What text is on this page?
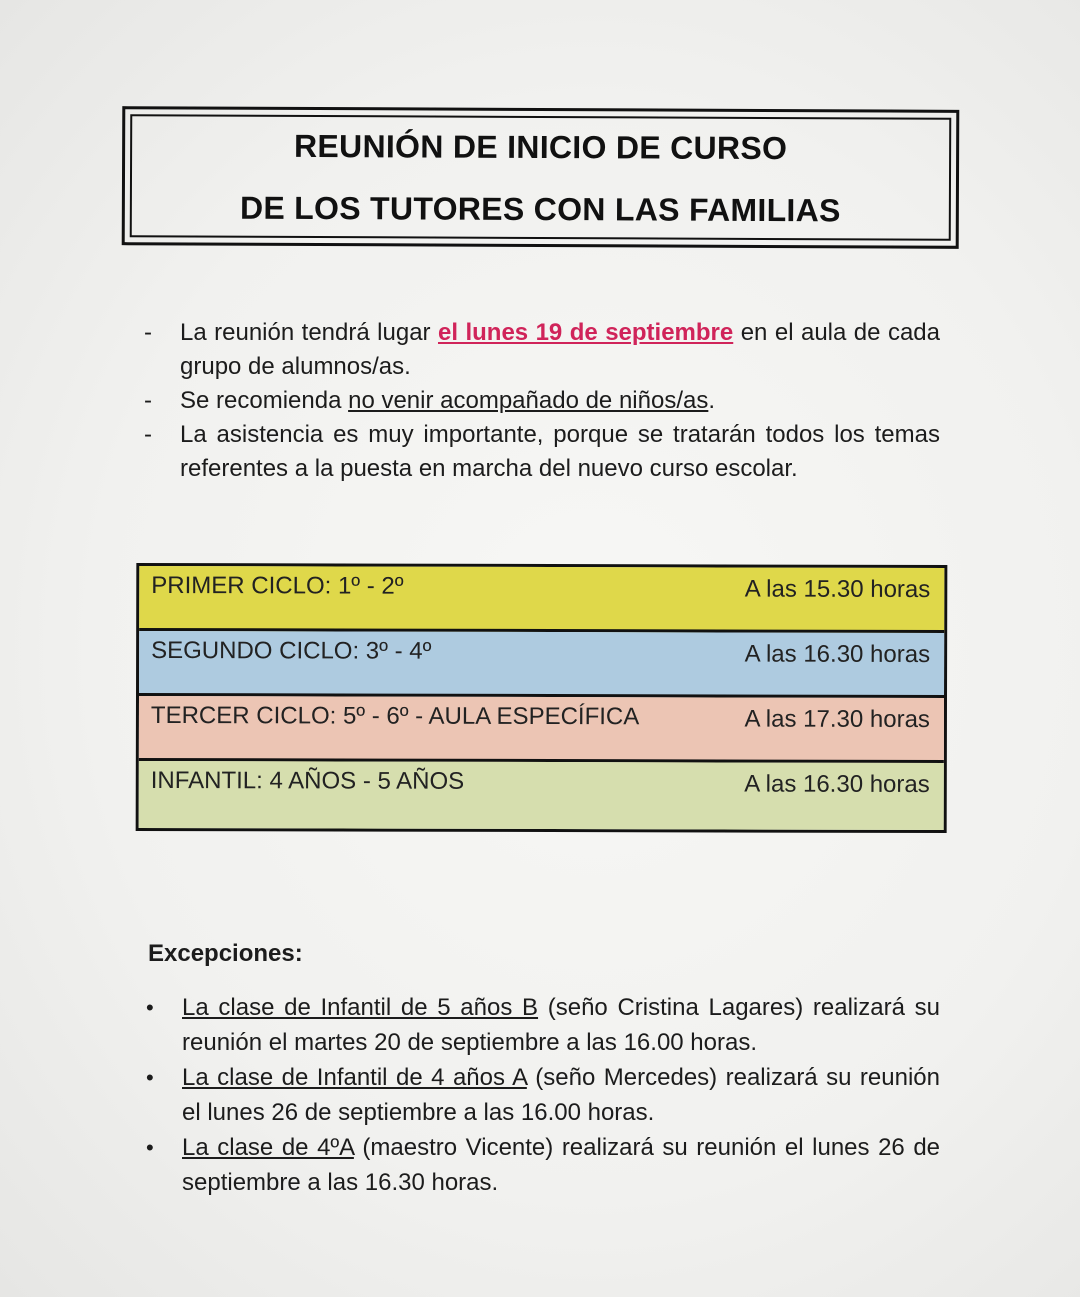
REUNIÓN DE INICIO DE CURSO
DE LOS TUTORES CON LAS FAMILIAS
- La reunión tendrá lugar el lunes 19 de septiembre en el aula de cada grupo de alumnos/as.
- Se recomienda no venir acompañado de niños/as.
- La asistencia es muy importante, porque se tratarán todos los temas referentes a la puesta en marcha del nuevo curso escolar.
PRIMER CICLO: 1º - 2º	A las 15.30 horas
SEGUNDO CICLO: 3º - 4º	A las 16.30 horas
TERCER CICLO: 5º - 6º - AULA ESPECÍFICA	A las 17.30 horas
INFANTIL: 4 AÑOS - 5 AÑOS	A las 16.30 horas
Excepciones:
• La clase de Infantil de 5 años B (seño Cristina Lagares) realizará su reunión el martes 20 de septiembre a las 16.00 horas.
• La clase de Infantil de 4 años A (seño Mercedes) realizará su reunión el lunes 26 de septiembre a las 16.00 horas.
• La clase de 4ºA (maestro Vicente) realizará su reunión el lunes 26 de septiembre a las 16.30 horas.
